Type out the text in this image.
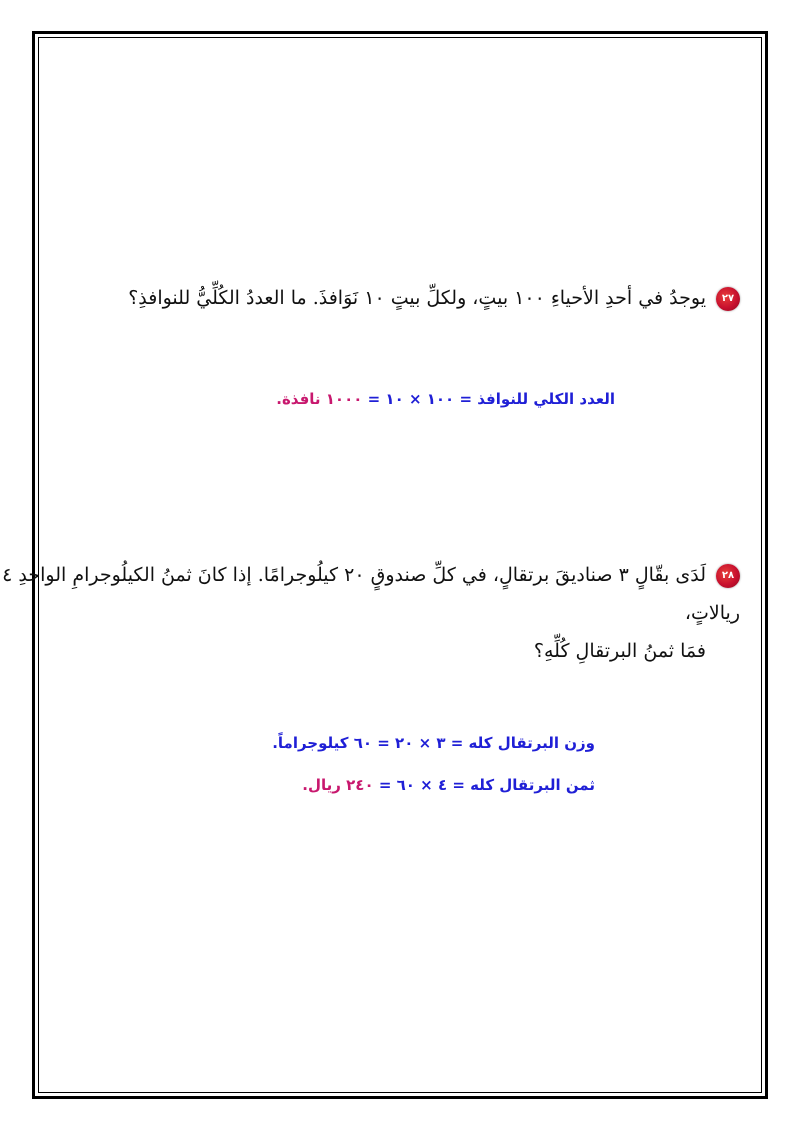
٢٧يوجدُ في أحدِ الأحياءِ ١٠٠ بيتٍ، ولكلِّ بيتٍ ١٠ نَوَافذَ. ما العددُ الكُلِّيُّ للنوافذِ؟
العدد الكلي للنوافذ = ١٠٠ × ١٠ = ١٠٠٠ نافذة.
٢٨لَدَى بقّالٍ ٣ صناديقَ برتقالٍ، في كلِّ صندوقٍ ٢٠ كيلُوجرامًا. إذا كانَ ثمنُ الكيلُوجرامِ الواحدِ ٤ ريالاتٍ،
فمَا ثمنُ البرتقالِ كُلِّهِ؟
وزن البرتقال كله = ٣ × ٢٠ = ٦٠ كيلوجراماً.
ثمن البرتقال كله = ٤ × ٦٠ = ٢٤٠ ريال.
